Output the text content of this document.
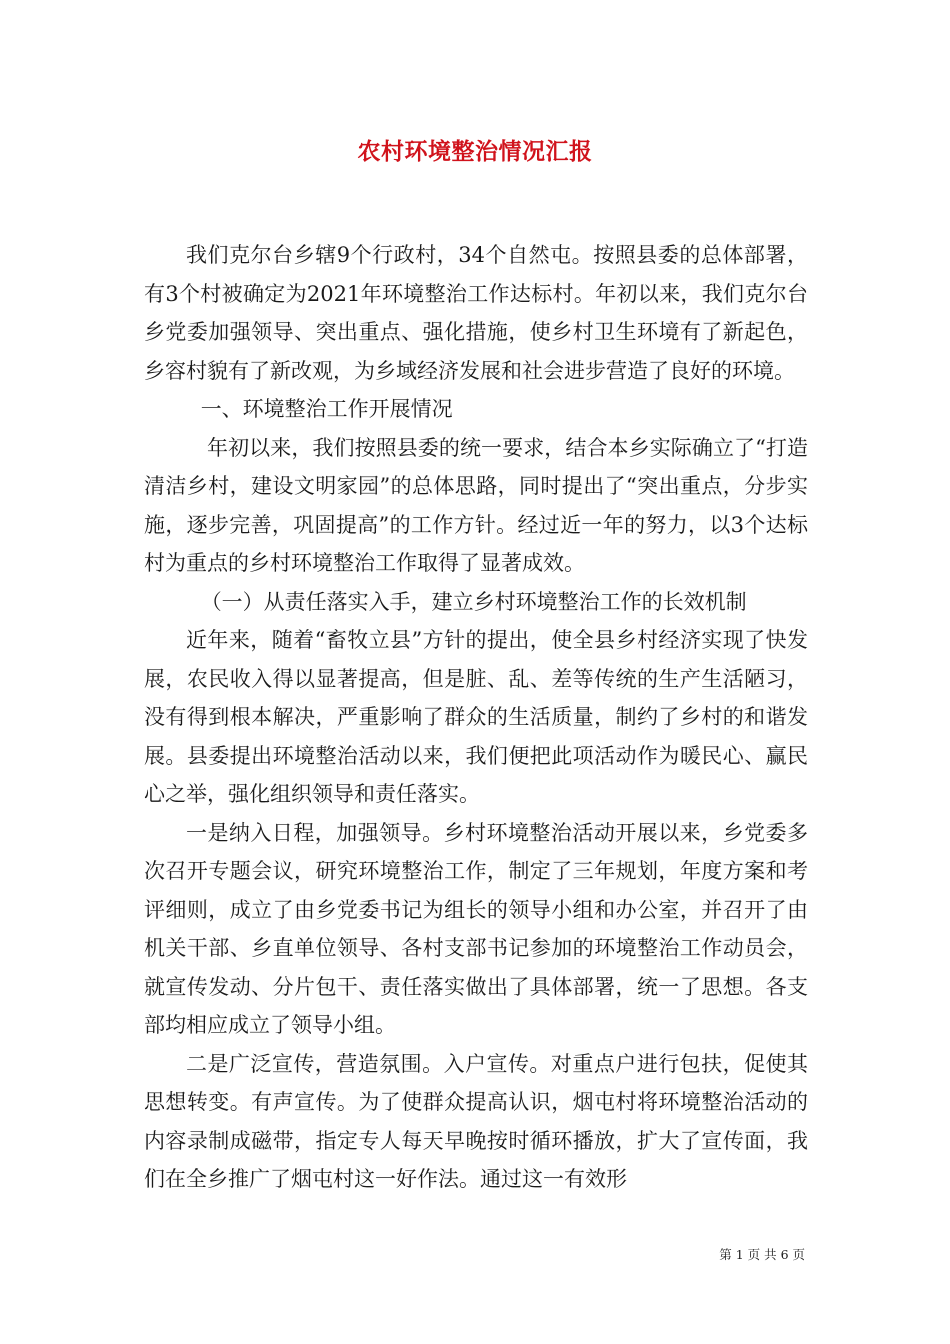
农村环境整治情况汇报

我们克尔台乡辖9个行政村，34个自然屯。按照县委的总体部署，有3个村被确定为2021年环境整治工作达标村。年初以来，我们克尔台乡党委加强领导、突出重点、强化措施，使乡村卫生环境有了新起色，乡容村貌有了新改观，为乡域经济发展和社会进步营造了良好的环境。

一、环境整治工作开展情况

年初以来，我们按照县委的统一要求，结合本乡实际确立了“打造清洁乡村，建设文明家园”的总体思路，同时提出了“突出重点，分步实施，逐步完善，巩固提高”的工作方针。经过近一年的努力，以3个达标村为重点的乡村环境整治工作取得了显著成效。

（一）从责任落实入手，建立乡村环境整治工作的长效机制

近年来，随着“畜牧立县”方针的提出，使全县乡村经济实现了快发展，农民收入得以显著提高，但是脏、乱、差等传统的生产生活陋习，没有得到根本解决，严重影响了群众的生活质量，制约了乡村的和谐发展。县委提出环境整治活动以来，我们便把此项活动作为暖民心、赢民心之举，强化组织领导和责任落实。

一是纳入日程，加强领导。乡村环境整治活动开展以来，乡党委多次召开专题会议，研究环境整治工作，制定了三年规划，年度方案和考评细则，成立了由乡党委书记为组长的领导小组和办公室，并召开了由机关干部、乡直单位领导、各村支部书记参加的环境整治工作动员会，就宣传发动、分片包干、责任落实做出了具体部署，统一了思想。各支部均相应成立了领导小组。

二是广泛宣传，营造氛围。入户宣传。对重点户进行包扶，促使其思想转变。有声宣传。为了使群众提高认识，烟屯村将环境整治活动的内容录制成磁带，指定专人每天早晚按时循环播放，扩大了宣传面，我们在全乡推广了烟屯村这一好作法。通过这一有效形

第 1 页 共 6 页
